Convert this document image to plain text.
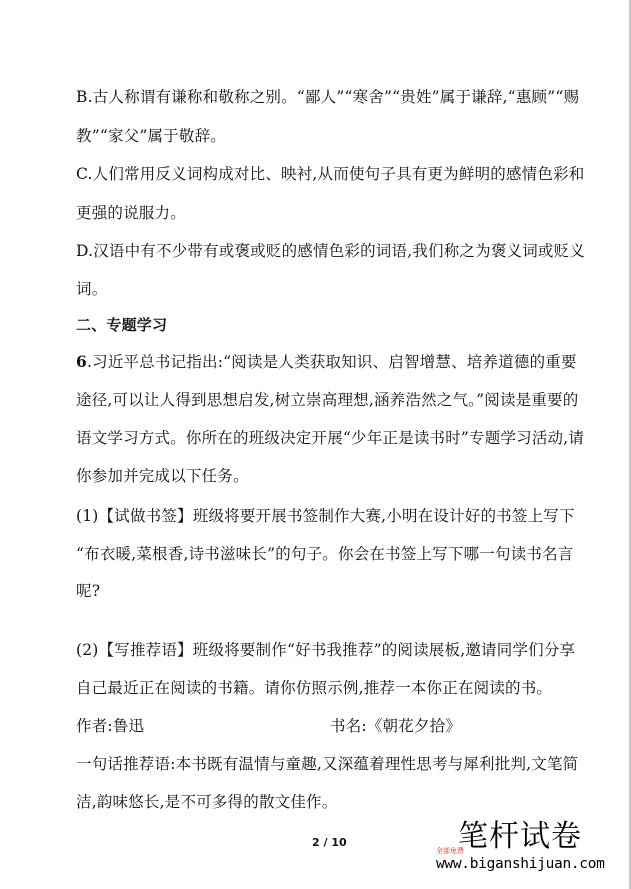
B.古人称谓有谦称和敬称之别。“鄙人”“寒舍”“贵姓”属于谦辞,“惠顾”“赐
教”“家父”属于敬辞。
C.人们常用反义词构成对比、映衬,从而使句子具有更为鲜明的感情色彩和
更强的说服力。
D.汉语中有不少带有或褒或贬的感情色彩的词语,我们称之为褒义词或贬义
词。
二、专题学习
6.习近平总书记指出:“阅读是人类获取知识、启智增慧、培养道德的重要
途径,可以让人得到思想启发,树立崇高理想,涵养浩然之气。”阅读是重要的
语文学习方式。你所在的班级决定开展“少年正是读书时”专题学习活动,请
你参加并完成以下任务。
(1)【试做书签】班级将要开展书签制作大赛,小明在设计好的书签上写下
“布衣暖,菜根香,诗书滋味长”的句子。你会在书签上写下哪一句读书名言
呢?
(2)【写推荐语】班级将要制作“好书我推荐”的阅读展板,邀请同学们分享
自己最近正在阅读的书籍。请你仿照示例,推荐一本你正在阅读的书。
作者:鲁迅	书名:《朝花夕拾》
一句话推荐语:本书既有温情与童趣,又深蕴着理性思考与犀利批判,文笔简
洁,韵味悠长,是不可多得的散文佳作。
2 / 10	笔杆试卷
全部免费
www.biganshijuan.com
